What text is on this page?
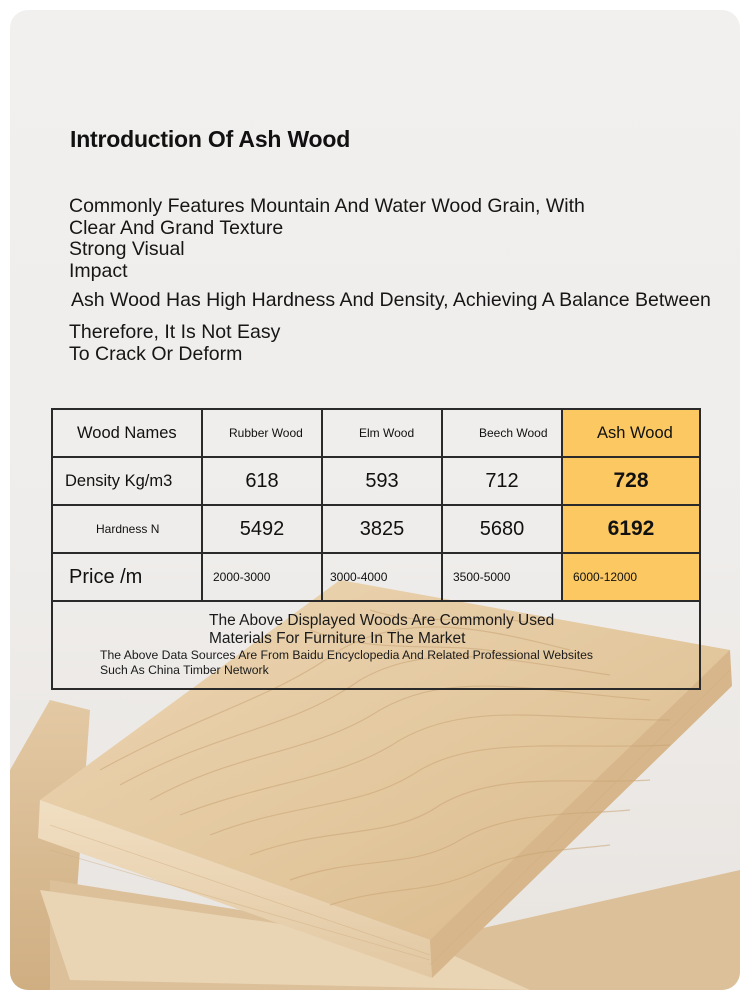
Introduction Of Ash Wood
Commonly Features Mountain And Water Wood Grain, With
Clear And Grand Texture
Strong Visual
Impact
Ash Wood Has High Hardness And Density, Achieving A Balance Between
Therefore, It Is Not Easy
To Crack Or Deform
Wood Names	Rubber Wood	Elm Wood	Beech Wood	Ash Wood
Density Kg/m3	618	593	712	728
Hardness N	5492	3825	5680	6192
Price /m	2000-3000	3000-4000	3500-5000	6000-12000

The Above Displayed Woods Are Commonly Used
Materials For Furniture In The Market
The Above Data Sources Are From Baidu Encyclopedia And Related Professional Websites
Such As China Timber Network				
